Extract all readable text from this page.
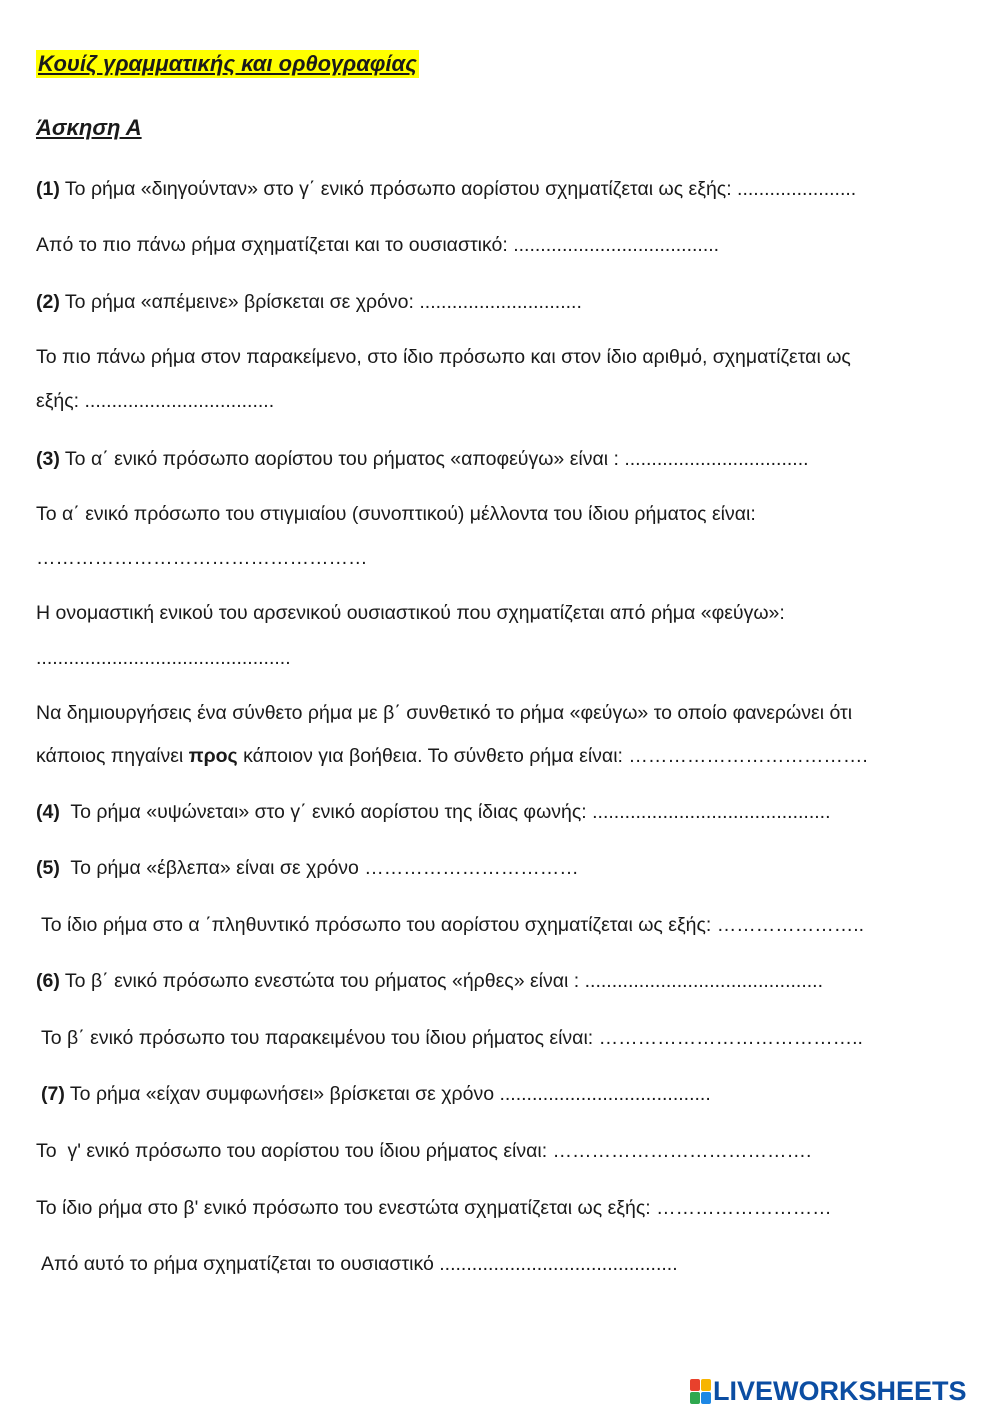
Κουίζ γραμματικής και ορθογραφίας
Άσκηση Α
(1) Το ρήμα «διηγούνταν» στο γ΄ ενικό πρόσωπο αορίστου σχηματίζεται ως εξής: ......................
Από το πιο πάνω ρήμα σχηματίζεται και το ουσιαστικό: ......................................
(2) Το ρήμα «απέμεινε» βρίσκεται σε χρόνο: ..............................
Το πιο πάνω ρήμα στον παρακείμενο, στο ίδιο πρόσωπο και στον ίδιο αριθμό, σχηματίζεται ως
εξής: ...................................
(3) Το α΄ ενικό πρόσωπο αορίστου του ρήματος «αποφεύγω» είναι : ..................................
Το α΄ ενικό πρόσωπο του στιγμιαίου (συνοπτικού) μέλλοντα του ίδιου ρήματος είναι:
……………………………………………
Η ονομαστική ενικού του αρσενικού ουσιαστικού που σχηματίζεται από ρήμα «φεύγω»:
...............................................
Να δημιουργήσεις ένα σύνθετο ρήμα με β΄ συνθετικό το ρήμα «φεύγω» το οποίο φανερώνει ότι
κάποιος πηγαίνει προς κάποιον για βοήθεια. Το σύνθετο ρήμα είναι: ……………………………….
(4)  Το ρήμα «υψώνεται» στο γ΄ ενικό αορίστου της ίδιας φωνής: ............................................
(5)  Το ρήμα «έβλεπα» είναι σε χρόνο ……………………………
Το ίδιο ρήμα στο α ΄πληθυντικό πρόσωπο του αορίστου σχηματίζεται ως εξής: …………………..
(6) Το β΄ ενικό πρόσωπο ενεστώτα του ρήματος «ήρθες» είναι : ............................................
Το β΄ ενικό πρόσωπο του παρακειμένου του ίδιου ρήματος είναι: …………………………………..
(7) Το ρήμα «είχαν συμφωνήσει» βρίσκεται σε χρόνο .......................................
Το  γ' ενικό πρόσωπο του αορίστου του ίδιου ρήματος είναι: ………………………………….
Το ίδιο ρήμα στο β' ενικό πρόσωπο του ενεστώτα σχηματίζεται ως εξής: ………………………
Από αυτό το ρήμα σχηματίζεται το ουσιαστικό ............................................
LIVEWORKSHEETS
